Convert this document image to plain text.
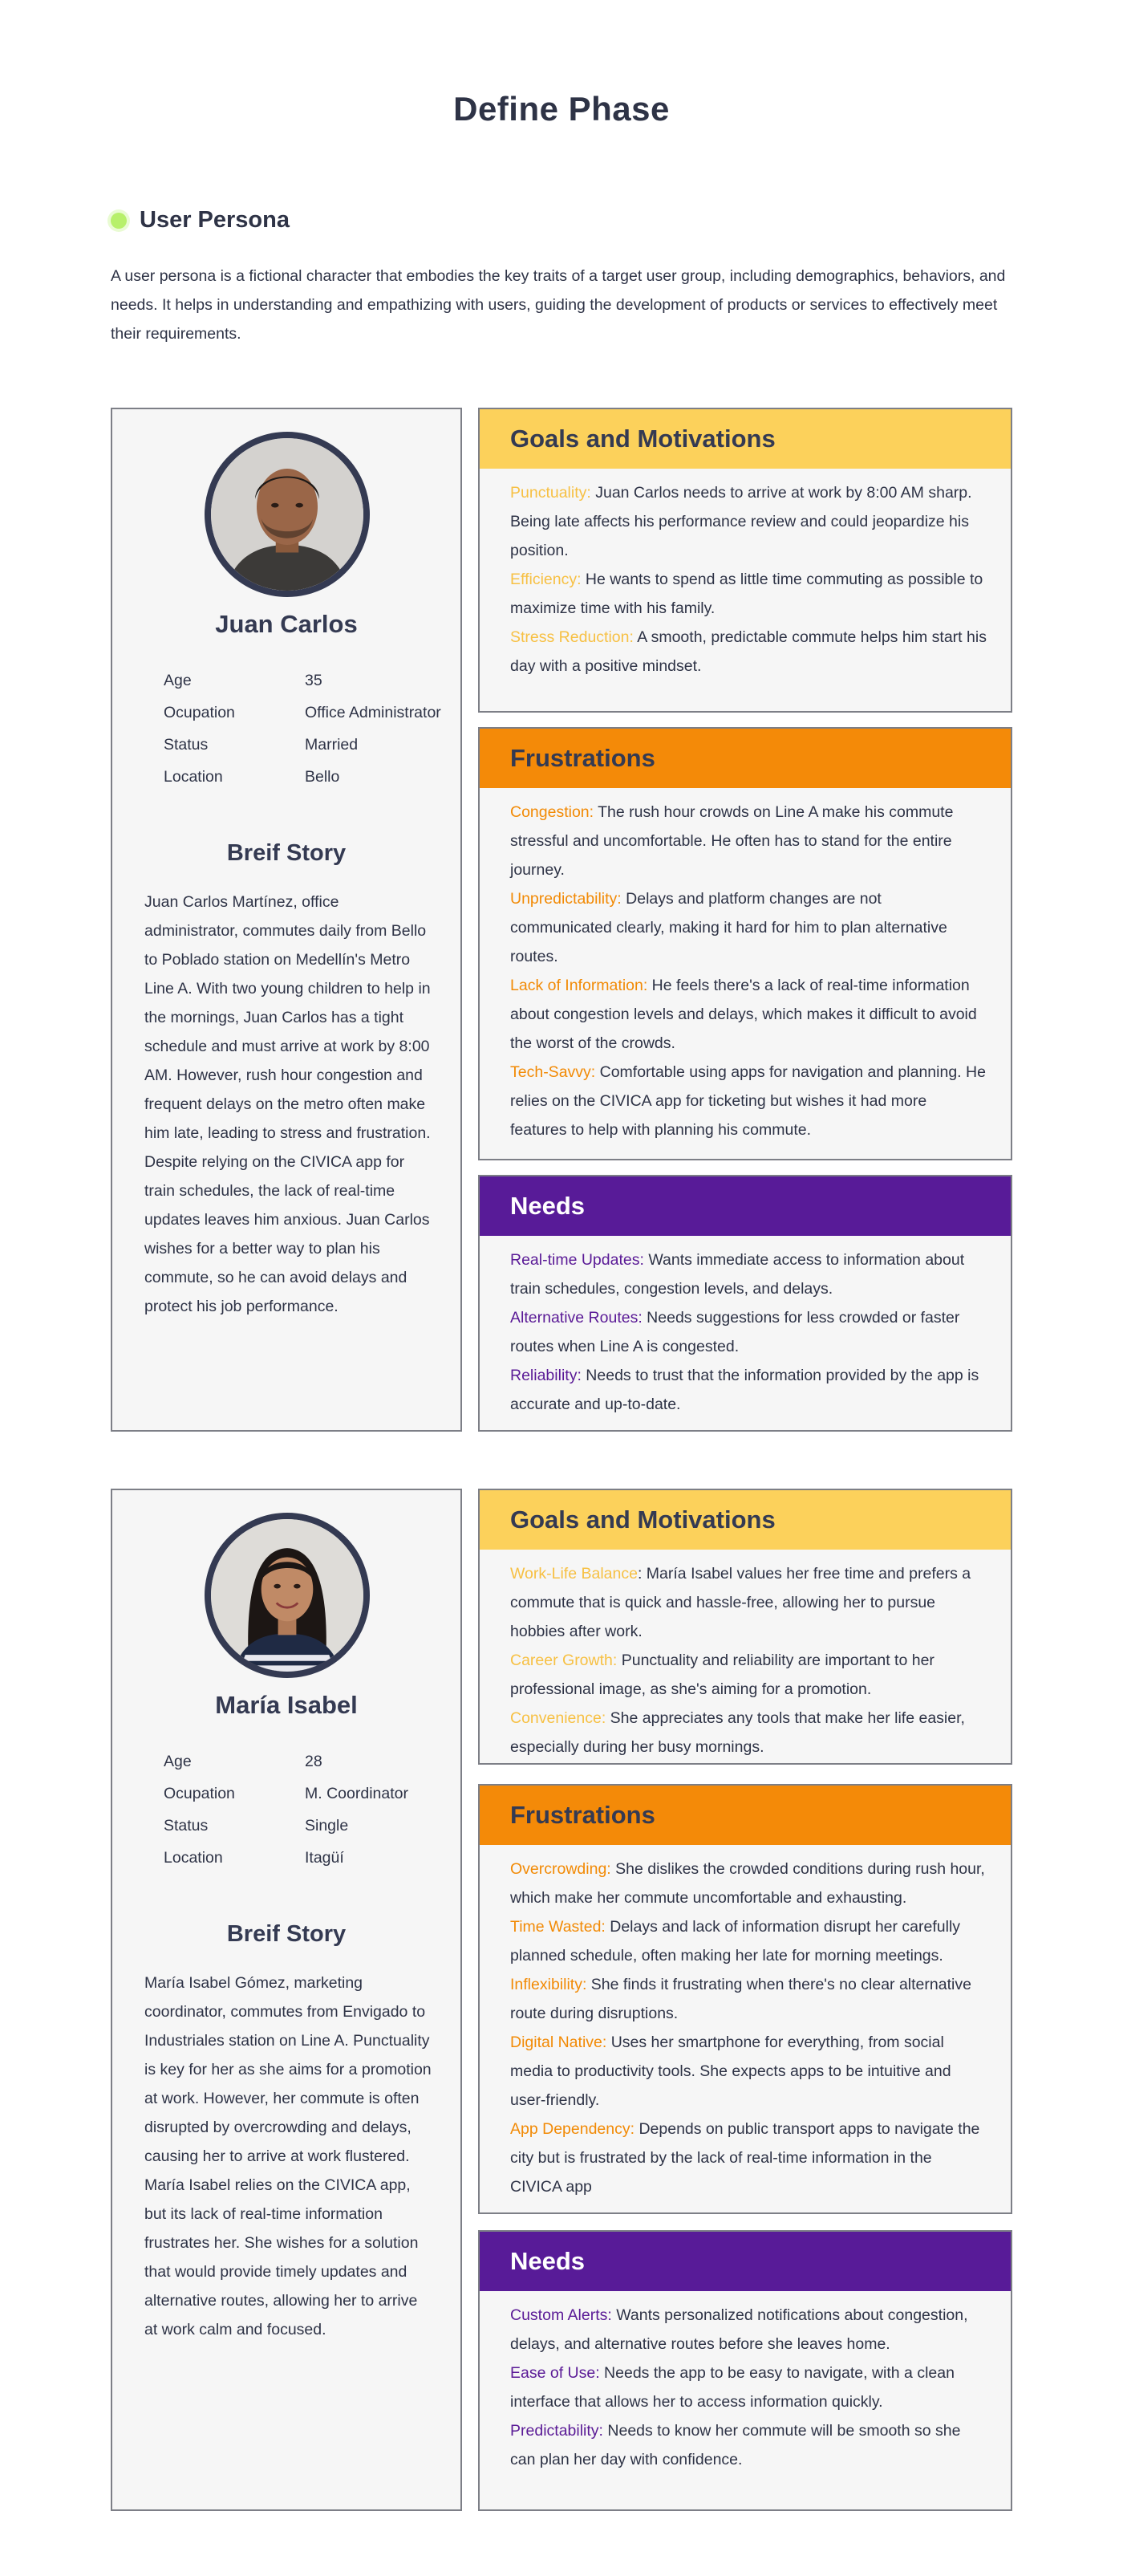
Define Phase
User Persona

A user persona is a fictional character that embodies the key traits of a target user group, including demographics, behaviors, and needs. It helps in understanding and empathizing with users, guiding the development of products or services to effectively meet their requirements.

Juan Carlos
Age	35
Ocupation	Office Administrator
Status	Married
Location	Bello
Breif Story

Juan Carlos Martínez, office administrator, commutes daily from Bello to Poblado station on Medellín's Metro Line A. With two young children to help in the mornings, Juan Carlos has a tight schedule and must arrive at work by 8:00 AM. However, rush hour congestion and frequent delays on the metro often make him late, leading to stress and frustration. Despite relying on the CIVICA app for train schedules, the lack of real-time updates leaves him anxious. Juan Carlos wishes for a better way to plan his commute, so he can avoid delays and protect his job performance.

Goals and Motivations
Punctuality: Juan Carlos needs to arrive at work by 8:00 AM sharp. Being late affects his performance review and could jeopardize his position.
Efficiency: He wants to spend as little time commuting as possible to maximize time with his family.
Stress Reduction: A smooth, predictable commute helps him start his day with a positive mindset.
Frustrations
Congestion: The rush hour crowds on Line A make his commute stressful and uncomfortable. He often has to stand for the entire journey.
Unpredictability: Delays and platform changes are not communicated clearly, making it hard for him to plan alternative routes.
Lack of Information: He feels there's a lack of real-time information about congestion levels and delays, which makes it difficult to avoid the worst of the crowds.
Tech-Savvy: Comfortable using apps for navigation and planning. He relies on the CIVICA app for ticketing but wishes it had more features to help with planning his commute.
Needs
Real-time Updates: Wants immediate access to information about train schedules, congestion levels, and delays.
Alternative Routes: Needs suggestions for less crowded or faster routes when Line A is congested.
Reliability: Needs to trust that the information provided by the app is accurate and up-to-date.
María Isabel
Age	28
Ocupation	M. Coordinator
Status	Single
Location	Itagüí
Breif Story

María Isabel Gómez, marketing coordinator, commutes from Envigado to Industriales station on Line A. Punctuality is key for her as she aims for a promotion at work. However, her commute is often disrupted by overcrowding and delays, causing her to arrive at work flustered. María Isabel relies on the CIVICA app, but its lack of real-time information frustrates her. She wishes for a solution that would provide timely updates and alternative routes, allowing her to arrive at work calm and focused.

Goals and Motivations
Work-Life Balance: María Isabel values her free time and prefers a commute that is quick and hassle-free, allowing her to pursue hobbies after work.
Career Growth: Punctuality and reliability are important to her professional image, as she's aiming for a promotion.
Convenience: She appreciates any tools that make her life easier, especially during her busy mornings.
Frustrations
Overcrowding: She dislikes the crowded conditions during rush hour, which make her commute uncomfortable and exhausting.
Time Wasted: Delays and lack of information disrupt her carefully planned schedule, often making her late for morning meetings.
Inflexibility: She finds it frustrating when there's no clear alternative route during disruptions.
Digital Native: Uses her smartphone for everything, from social media to productivity tools. She expects apps to be intuitive and user-friendly.
App Dependency: Depends on public transport apps to navigate the city but is frustrated by the lack of real-time information in the CIVICA app
Needs
Custom Alerts: Wants personalized notifications about congestion, delays, and alternative routes before she leaves home.
Ease of Use: Needs the app to be easy to navigate, with a clean interface that allows her to access information quickly.
Predictability: Needs to know her commute will be smooth so she can plan her day with confidence.
